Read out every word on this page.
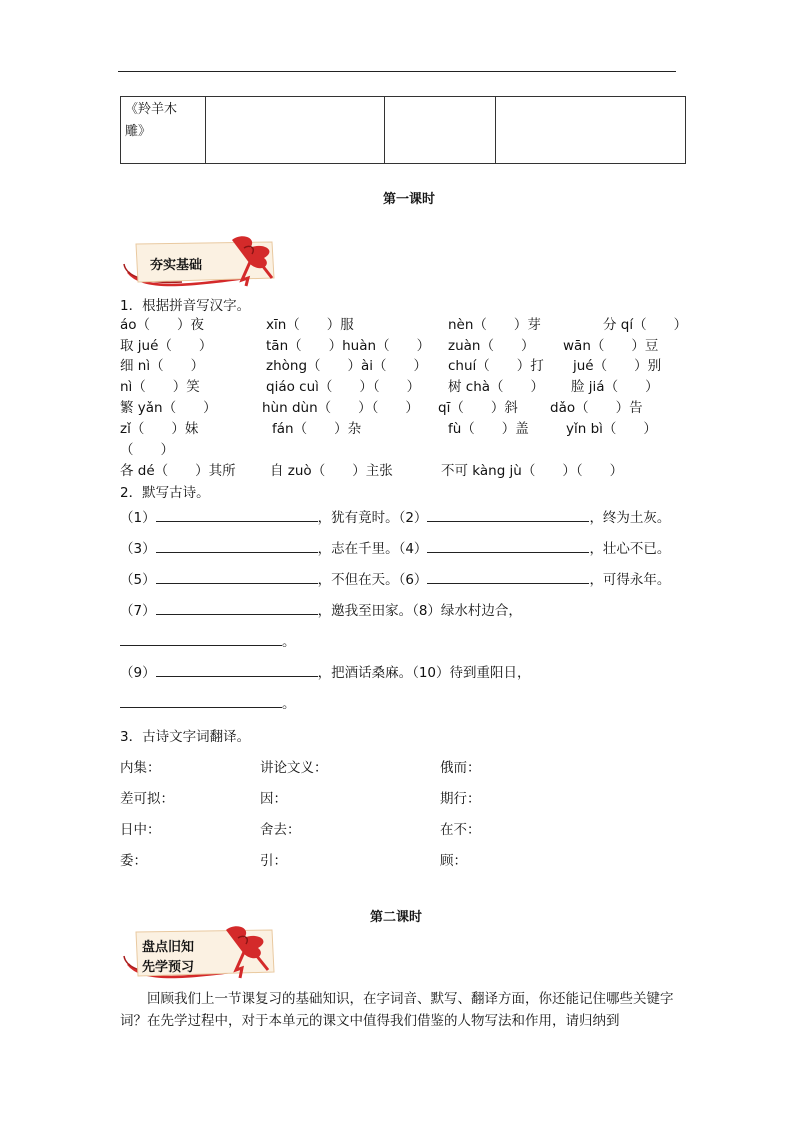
《羚羊木
雕》

第一课时
夯实基础
1．根据拼音写汉字。
áo（　　）夜	xīn（　　）服	nèn（　　）芽	分 qí（　　）
取 jué（　　）	tān（　　）huàn（　　） zuàn（　　） wān（　　）豆
细 nì（　　）	zhòng（　　）ài（　　） chuí（　　）打 jué（　　）别
nì（　　）笑	qiáo cuì（　　）（　　） 树 chà（　　） 脸 jiá（　　）
繁 yǎn（　　）	hùn dùn（　　）（　　） qī（　　）斜 dǎo（　　）告
zǐ（　　）妹	fán（　　）杂	fù（　　）盖	yǐn bì（　　）
（　　）
各 dé（　　）其所	自 zuò（　　）主张	不可 kàng jù（　　）（　　）
2．默写古诗。
（1）	，犹有竟时。（2）	，终为土灰。
（3）	，志在千里。（4）	，壮心不已。
（5）	，不但在天。（6）	，可得永年。
（7）	，邀我至田家。（8）绿水村边合，
。
（9）	，把酒话桑麻。（10）待到重阳日，
。
3．古诗文字词翻译。
内集：	讲论文义：	俄而：
差可拟：	因：	期行：
日中：	舍去：	在不：
委：	引：	顾：
第二课时
盘点旧知
先学预习
回顾我们上一节课复习的基础知识，在字词音、默写、翻译方面，你还能记住哪些关键字词？在先学过程中，对于本单元的课文中值得我们借鉴的人物写法和作用，请归纳到
